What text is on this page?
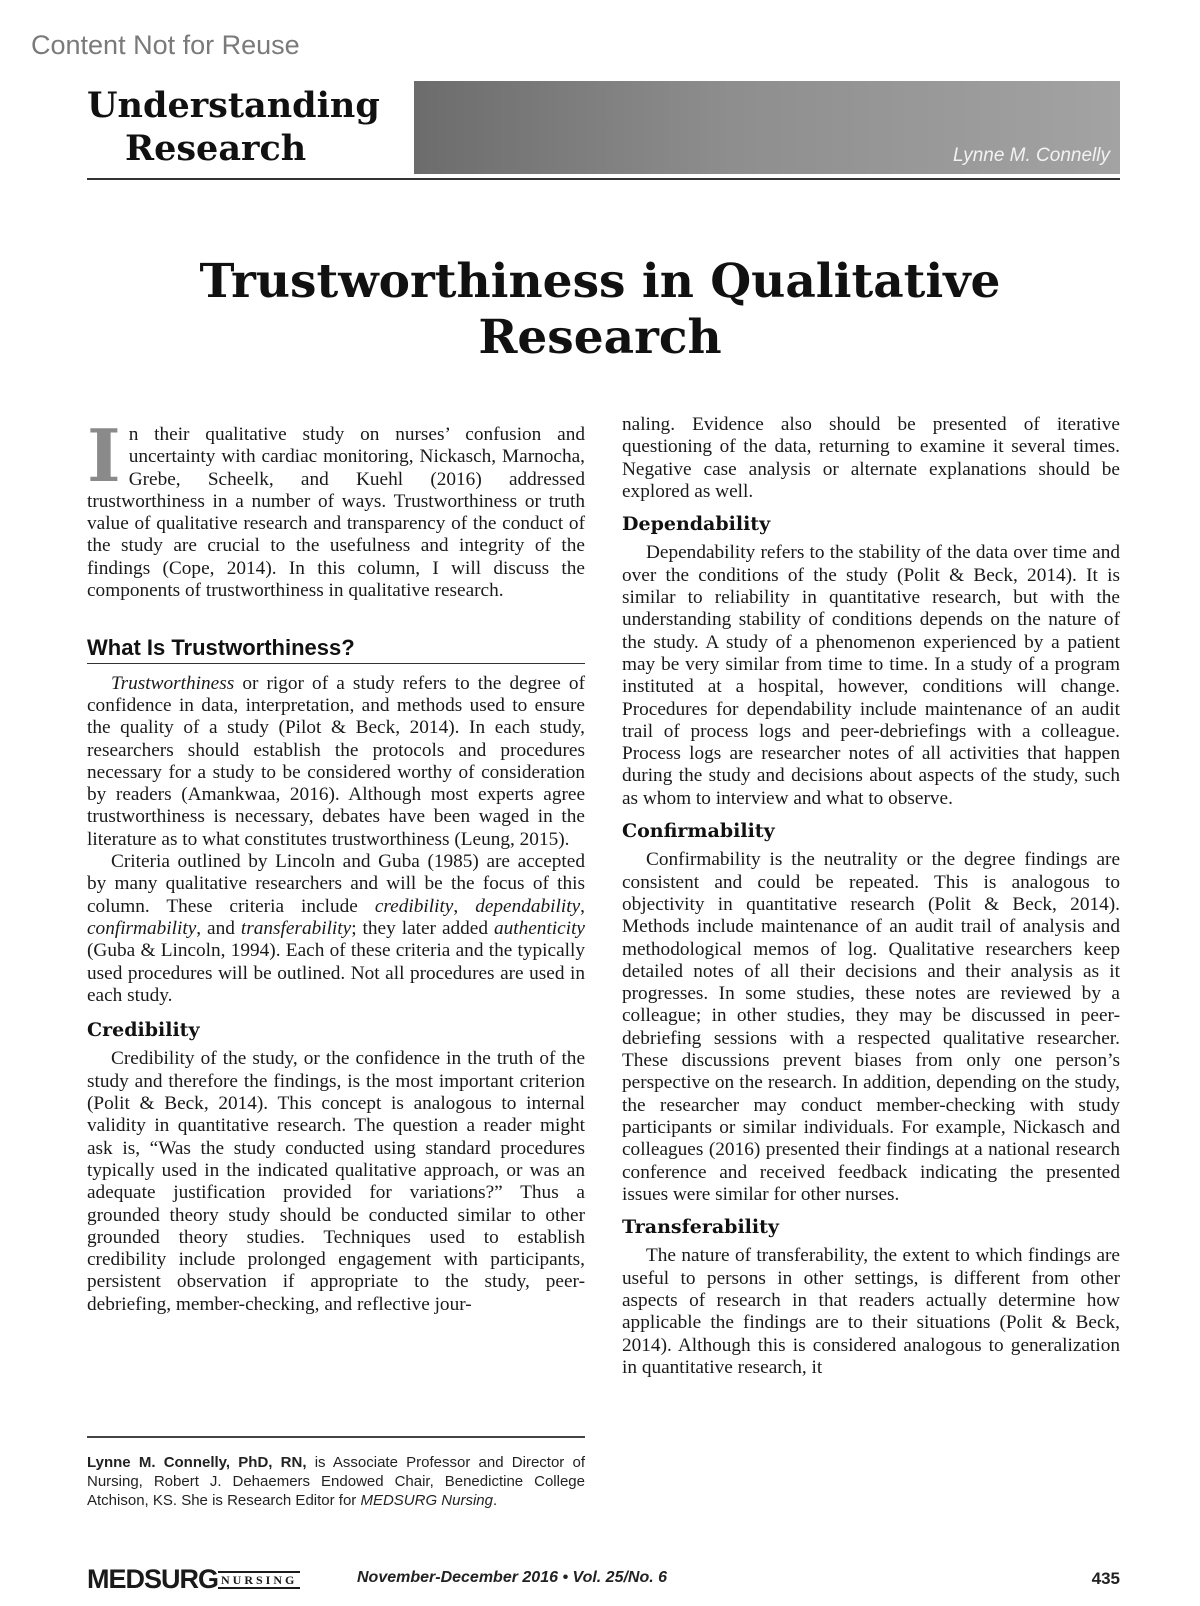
Content Not for Reuse
Understanding
Research	Lynne M. Connelly
Trustworthiness in Qualitative
Research

In their qualitative study on nurses’ confusion and uncertainty with cardiac monitoring, Nickasch, Marnocha, Grebe, Scheelk, and Kuehl (2016) addressed trustworthiness in a number of ways. Trustworthiness or truth value of qualitative research and transparency of the conduct of the study are crucial to the usefulness and integrity of the findings (Cope, 2014). In this column, I will discuss the components of trustworthiness in qualitative research.

What Is Trustworthiness?

Trustworthiness or rigor of a study refers to the degree of confidence in data, interpretation, and methods used to ensure the quality of a study (Pilot & Beck, 2014). In each study, researchers should establish the protocols and procedures necessary for a study to be considered worthy of consideration by readers (Amankwaa, 2016). Although most experts agree trustworthiness is necessary, debates have been waged in the literature as to what constitutes trustworthiness (Leung, 2015).

Criteria outlined by Lincoln and Guba (1985) are accepted by many qualitative researchers and will be the focus of this column. These criteria include credibility, dependability, confirmability, and transferability; they later added authenticity (Guba & Lincoln, 1994). Each of these criteria and the typically used procedures will be outlined. Not all procedures are used in each study.

Credibility

Credibility of the study, or the confidence in the truth of the study and therefore the findings, is the most important criterion (Polit & Beck, 2014). This concept is analogous to internal validity in quantitative research. The question a reader might ask is, “Was the study conducted using standard procedures typically used in the indicated qualitative approach, or was an adequate justification provided for variations?” Thus a grounded theory study should be conducted similar to other grounded theory studies. Techniques used to establish credibility include prolonged engagement with participants, persistent observation if appropriate to the study, peer-debriefing, member-checking, and reflective jour-

naling. Evidence also should be presented of iterative questioning of the data, returning to examine it several times. Negative case analysis or alternate explanations should be explored as well.

Dependability

Dependability refers to the stability of the data over time and over the conditions of the study (Polit & Beck, 2014). It is similar to reliability in quantitative research, but with the understanding stability of conditions depends on the nature of the study. A study of a phenomenon experienced by a patient may be very similar from time to time. In a study of a program instituted at a hospital, however, conditions will change. Procedures for dependability include maintenance of an audit trail of process logs and peer-debriefings with a colleague. Process logs are researcher notes of all activities that happen during the study and decisions about aspects of the study, such as whom to interview and what to observe.

Confirmability

Confirmability is the neutrality or the degree findings are consistent and could be repeated. This is analogous to objectivity in quantitative research (Polit & Beck, 2014). Methods include maintenance of an audit trail of analysis and methodological memos of log. Qualitative researchers keep detailed notes of all their decisions and their analysis as it progresses. In some studies, these notes are reviewed by a colleague; in other studies, they may be discussed in peer-debriefing sessions with a respected qualitative researcher. These discussions prevent biases from only one person’s perspective on the research. In addition, depending on the study, the researcher may conduct member-checking with study participants or similar individuals. For example, Nickasch and colleagues (2016) presented their findings at a national research conference and received feedback indicating the presented issues were similar for other nurses.

Transferability

The nature of transferability, the extent to which findings are useful to persons in other settings, is different from other aspects of research in that readers actually determine how applicable the findings are to their situations (Polit & Beck, 2014). Although this is considered analogous to generalization in quantitative research, it

Lynne M. Connelly, PhD, RN, is Associate Professor and Director of Nursing, Robert J. Dehaemers Endowed Chair, Benedictine College Atchison, KS. She is Research Editor for MEDSURG Nursing.
MEDSURG NURSING	November-December 2016 • Vol. 25/No. 6	435
